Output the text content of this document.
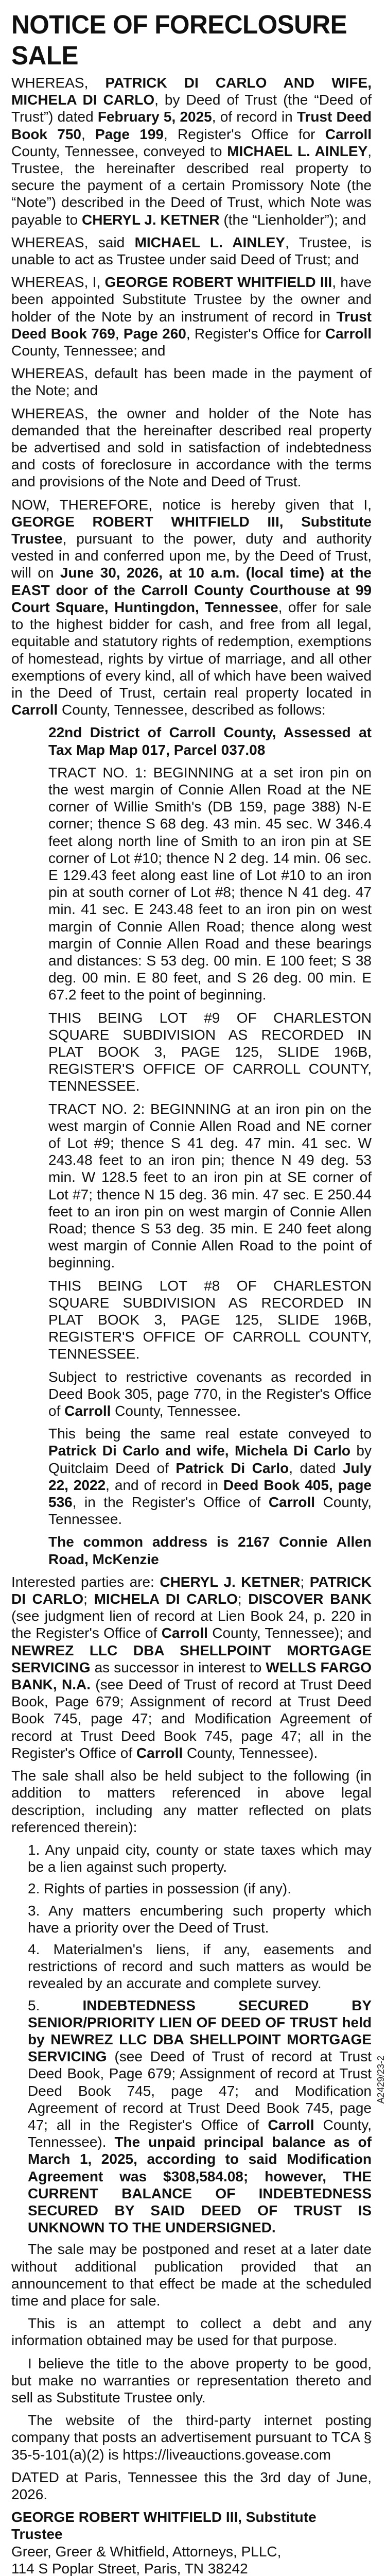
NOTICE OF FORECLOSURE SALE

WHEREAS, PATRICK DI CARLO AND WIFE, MICHELA DI CARLO, by Deed of Trust (the “Deed of Trust”) dated February 5, 2025, of record in Trust Deed Book 750, Page 199, Register's Office for Carroll County, Tennessee, conveyed to MICHAEL L. AINLEY, Trustee, the hereinafter described real property to secure the payment of a certain Promissory Note (the “Note”) described in the Deed of Trust, which Note was payable to CHERYL J. KETNER (the “Lienholder”); and

WHEREAS, said MICHAEL L. AINLEY, Trustee, is unable to act as Trustee under said Deed of Trust; and

WHEREAS, I, GEORGE ROBERT WHITFIELD III, have been appointed Substitute Trustee by the owner and holder of the Note by an instrument of record in Trust Deed Book 769, Page 260, Register's Office for Carroll County, Tennessee; and

WHEREAS, default has been made in the payment of the Note; and

WHEREAS, the owner and holder of the Note has demanded that the hereinafter described real property be advertised and sold in satisfaction of indebtedness and costs of foreclosure in accordance with the terms and provisions of the Note and Deed of Trust.

NOW, THEREFORE, notice is hereby given that I, GEORGE ROBERT WHITFIELD III, Substitute Trustee, pursuant to the power, duty and authority vested in and conferred upon me, by the Deed of Trust, will on June 30, 2026, at 10 a.m. (local time) at the EAST door of the Carroll County Courthouse at 99 Court Square, Huntingdon, Tennessee, offer for sale to the highest bidder for cash, and free from all legal, equitable and statutory rights of redemption, exemptions of homestead, rights by virtue of marriage, and all other exemptions of every kind, all of which have been waived in the Deed of Trust, certain real property located in Carroll County, Tennessee, described as follows:

22nd District of Carroll County, Assessed at Tax Map Map 017, Parcel 037.08

TRACT NO. 1: BEGINNING at a set iron pin on the west margin of Connie Allen Road at the NE corner of Willie Smith's (DB 159, page 388) N-E corner; thence S 68 deg. 43 min. 45 sec. W 346.4 feet along north line of Smith to an iron pin at SE corner of Lot #10; thence N 2 deg. 14 min. 06 sec. E 129.43 feet along east line of Lot #10 to an iron pin at south corner of Lot #8; thence N 41 deg. 47 min. 41 sec. E 243.48 feet to an iron pin on west margin of Connie Allen Road; thence along west margin of Connie Allen Road and these bearings and distances: S 53 deg. 00 min. E 100 feet; S 38 deg. 00 min. E 80 feet, and S 26 deg. 00 min. E 67.2 feet to the point of beginning.

THIS BEING LOT #9 OF CHARLESTON SQUARE SUBDIVISION AS RECORDED IN PLAT BOOK 3, PAGE 125, SLIDE 196B, REGISTER'S OFFICE OF CARROLL COUNTY, TENNESSEE.

TRACT NO. 2: BEGINNING at an iron pin on the west margin of Connie Allen Road and NE corner of Lot #9; thence S 41 deg. 47 min. 41 sec. W 243.48 feet to an iron pin; thence N 49 deg. 53 min. W 128.5 feet to an iron pin at SE corner of Lot #7; thence N 15 deg. 36 min. 47 sec. E 250.44 feet to an iron pin on west margin of Connie Allen Road; thence S 53 deg. 35 min. E 240 feet along west margin of Connie Allen Road to the point of beginning.

THIS BEING LOT #8 OF CHARLESTON SQUARE SUBDIVISION AS RECORDED IN PLAT BOOK 3, PAGE 125, SLIDE 196B, REGISTER'S OFFICE OF CARROLL COUNTY, TENNESSEE.

Subject to restrictive covenants as recorded in Deed Book 305, page 770, in the Register's Office of Carroll County, Tennessee.

This being the same real estate conveyed to Patrick Di Carlo and wife, Michela Di Carlo by Quitclaim Deed of Patrick Di Carlo, dated July 22, 2022, and of record in Deed Book 405, page 536, in the Register's Office of Carroll County, Tennessee.

The common address is 2167 Connie Allen Road, McKenzie

Interested parties are: CHERYL J. KETNER; PATRICK DI CARLO; MICHELA DI CARLO; DISCOVER BANK (see judgment lien of record at Lien Book 24, p. 220 in the Register's Office of Carroll County, Tennessee); and NEWREZ LLC DBA SHELLPOINT MORTGAGE SERVICING as successor in interest to WELLS FARGO BANK, N.A. (see Deed of Trust of record at Trust Deed Book, Page 679; Assignment of record at Trust Deed Book 745, page 47; and Modification Agreement of record at Trust Deed Book 745, page 47; all in the Register's Office of Carroll County, Tennessee).

The sale shall also be held subject to the following (in addition to matters referenced in above legal description, including any matter reflected on plats referenced therein):

1. Any unpaid city, county or state taxes which may be a lien against such property.

2. Rights of parties in possession (if any).

3. Any matters encumbering such property which have a priority over the Deed of Trust.

4. Materialmen's liens, if any, easements and restrictions of record and such matters as would be revealed by an accurate and complete survey.

5. INDEBTEDNESS SECURED BY SENIOR/PRIORITY LIEN OF DEED OF TRUST held by NEWREZ LLC DBA SHELLPOINT MORTGAGE SERVICING (see Deed of Trust of record at Trust Deed Book, Page 679; Assignment of record at Trust Deed Book 745, page 47; and Modification Agreement of record at Trust Deed Book 745, page 47; all in the Register's Office of Carroll County, Tennessee). The unpaid principal balance as of March 1, 2025, according to said Modification Agreement was $308,584.08; however, THE CURRENT BALANCE OF INDEBTEDNESS SECURED BY SAID DEED OF TRUST IS UNKNOWN TO THE UNDERSIGNED.

The sale may be postponed and reset at a later date without additional publication provided that an announcement to that effect be made at the scheduled time and place for sale.

This is an attempt to collect a debt and any information obtained may be used for that purpose.

I believe the title to the above property to be good, but make no warranties or representation thereto and sell as Substitute Trustee only.

The website of the third-party internet posting company that posts an advertisement pursuant to TCA § 35-5-101(a)(2) is https://liveauctions.govease.com

DATED at Paris, Tennessee this the 3rd day of June, 2026.

GEORGE ROBERT WHITFIELD III, Substitute Trustee
Greer, Greer & Whitfield, Attorneys, PLLC,
114 S Poplar Street, Paris, TN 38242
A2429/23-2
